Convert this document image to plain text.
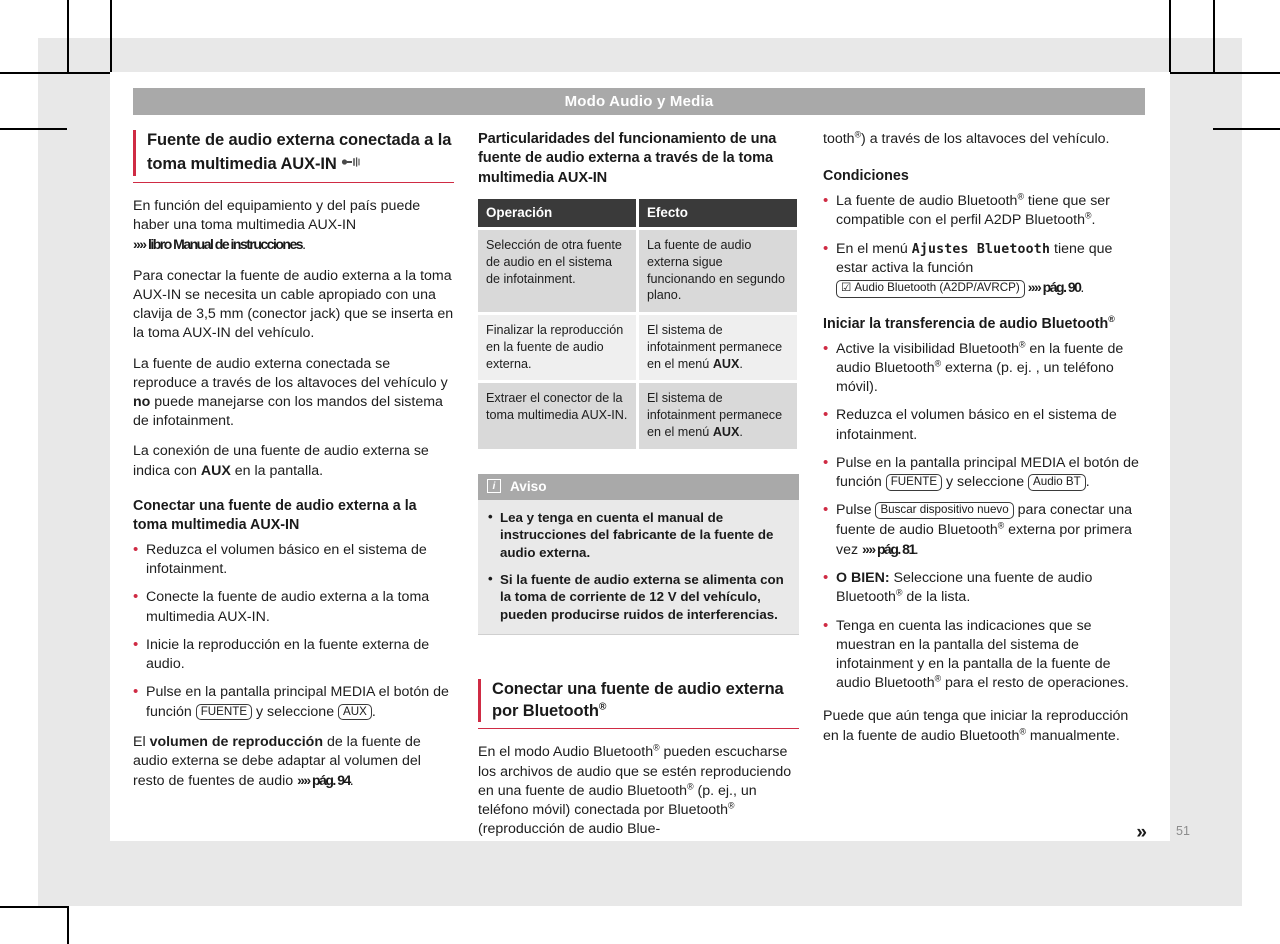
Modo Audio y Media
Fuente de audio externa conectada a la toma multimedia AUX-IN

En función del equipamiento y del país puede haber una toma multimedia AUX-IN »» libro Manual de instrucciones.

Para conectar la fuente de audio externa a la toma AUX-IN se necesita un cable apropiado con una clavija de 3,5 mm (conector jack) que se inserta en la toma AUX-IN del vehículo.

La fuente de audio externa conectada se reproduce a través de los altavoces del vehículo y no puede manejarse con los mandos del sistema de infotainment.

La conexión de una fuente de audio externa se indica con AUX en la pantalla.

Conectar una fuente de audio externa a la toma multimedia AUX-IN
• Reduzca el volumen básico en el sistema de infotainment.
• Conecte la fuente de audio externa a la toma multimedia AUX-IN.
• Inicie la reproducción en la fuente externa de audio.
• Pulse en la pantalla principal MEDIA el botón de función FUENTE y seleccione AUX .

El volumen de reproducción de la fuente de audio externa se debe adaptar al volumen del resto de fuentes de audio »» pág. 94.

Particularidades del funcionamiento de una fuente de audio externa a través de la toma multimedia AUX-IN
Operación	Efecto
Selección de otra fuente de audio en el sistema de infotainment.	La fuente de audio externa sigue funcionando en segundo plano.
Finalizar la reproducción en la fuente de audio externa.	El sistema de infotainment permanece en el menú AUX.
Extraer el conector de la toma multimedia AUX-IN.	El sistema de infotainment permanece en el menú AUX.
i	Aviso
• Lea y tenga en cuenta el manual de instrucciones del fabricante de la fuente de audio externa.
• Si la fuente de audio externa se alimenta con la toma de corriente de 12 V del vehículo, pueden producirse ruidos de interferencias.
Conectar una fuente de audio externa por Bluetooth®

En el modo Audio Bluetooth® pueden escucharse los archivos de audio que se estén reproduciendo en una fuente de audio Bluetooth® (p. ej., un teléfono móvil) conectada por Bluetooth® (reproducción de audio Blue-

tooth®) a través de los altavoces del vehículo.

Condiciones
• La fuente de audio Bluetooth® tiene que ser compatible con el perfil A2DP Bluetooth®.
• En el menú Ajustes Bluetooth tiene que estar activa la función
☑ Audio Bluetooth (A2DP/AVRCP) »» pág. 90.
Iniciar la transferencia de audio Bluetooth®
• Active la visibilidad Bluetooth® en la fuente de audio Bluetooth® externa (p. ej. , un teléfono móvil).
• Reduzca el volumen básico en el sistema de infotainment.
• Pulse en la pantalla principal MEDIA el botón de función FUENTE y seleccione Audio BT .
• Pulse Buscar dispositivo nuevo para conectar una fuente de audio Bluetooth® externa por primera vez »» pág. 81.
• O BIEN: Seleccione una fuente de audio Bluetooth® de la lista.
• Tenga en cuenta las indicaciones que se muestran en la pantalla del sistema de infotainment y en la pantalla de la fuente de audio Bluetooth® para el resto de operaciones.

Puede que aún tenga que iniciar la reproducción en la fuente de audio Bluetooth® manualmente.

»	51
